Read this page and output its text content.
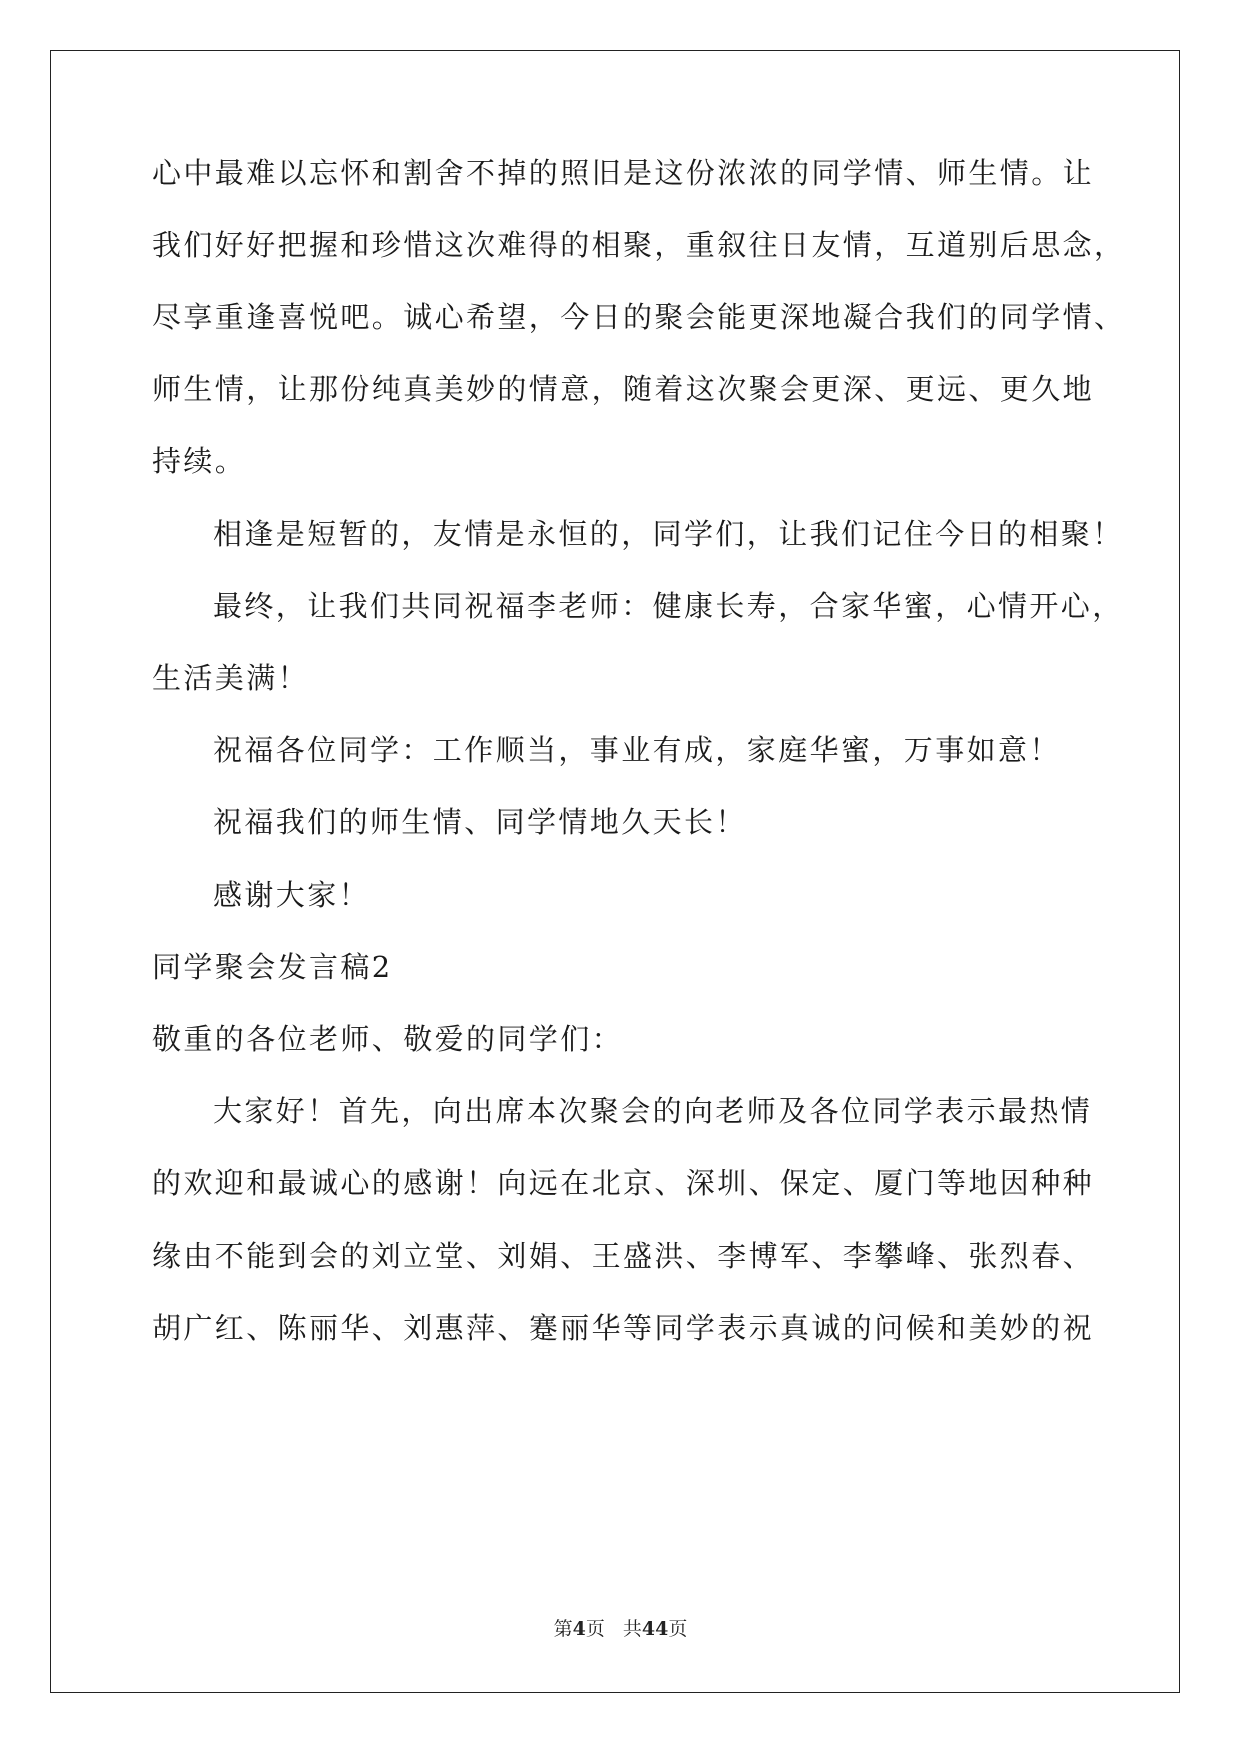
心中最难以忘怀和割舍不掉的照旧是这份浓浓的同学情、师生情。让
我们好好把握和珍惜这次难得的相聚，重叙往日友情，互道别后思念，
尽享重逢喜悦吧。诚心希望，今日的聚会能更深地凝合我们的同学情、
师生情，让那份纯真美妙的情意，随着这次聚会更深、更远、更久地
持续。
相逢是短暂的，友情是永恒的，同学们，让我们记住今日的相聚！
最终，让我们共同祝福李老师：健康长寿，合家华蜜，心情开心，
生活美满！
祝福各位同学：工作顺当，事业有成，家庭华蜜，万事如意！
祝福我们的师生情、同学情地久天长！
感谢大家！
同学聚会发言稿2
敬重的各位老师、敬爱的同学们：
大家好！首先，向出席本次聚会的向老师及各位同学表示最热情
的欢迎和最诚心的感谢！向远在北京、深圳、保定、厦门等地因种种
缘由不能到会的刘立堂、刘娟、王盛洪、李博军、李攀峰、张烈春、
胡广红、陈丽华、刘惠萍、蹇丽华等同学表示真诚的问候和美妙的祝
第4页 共44页
